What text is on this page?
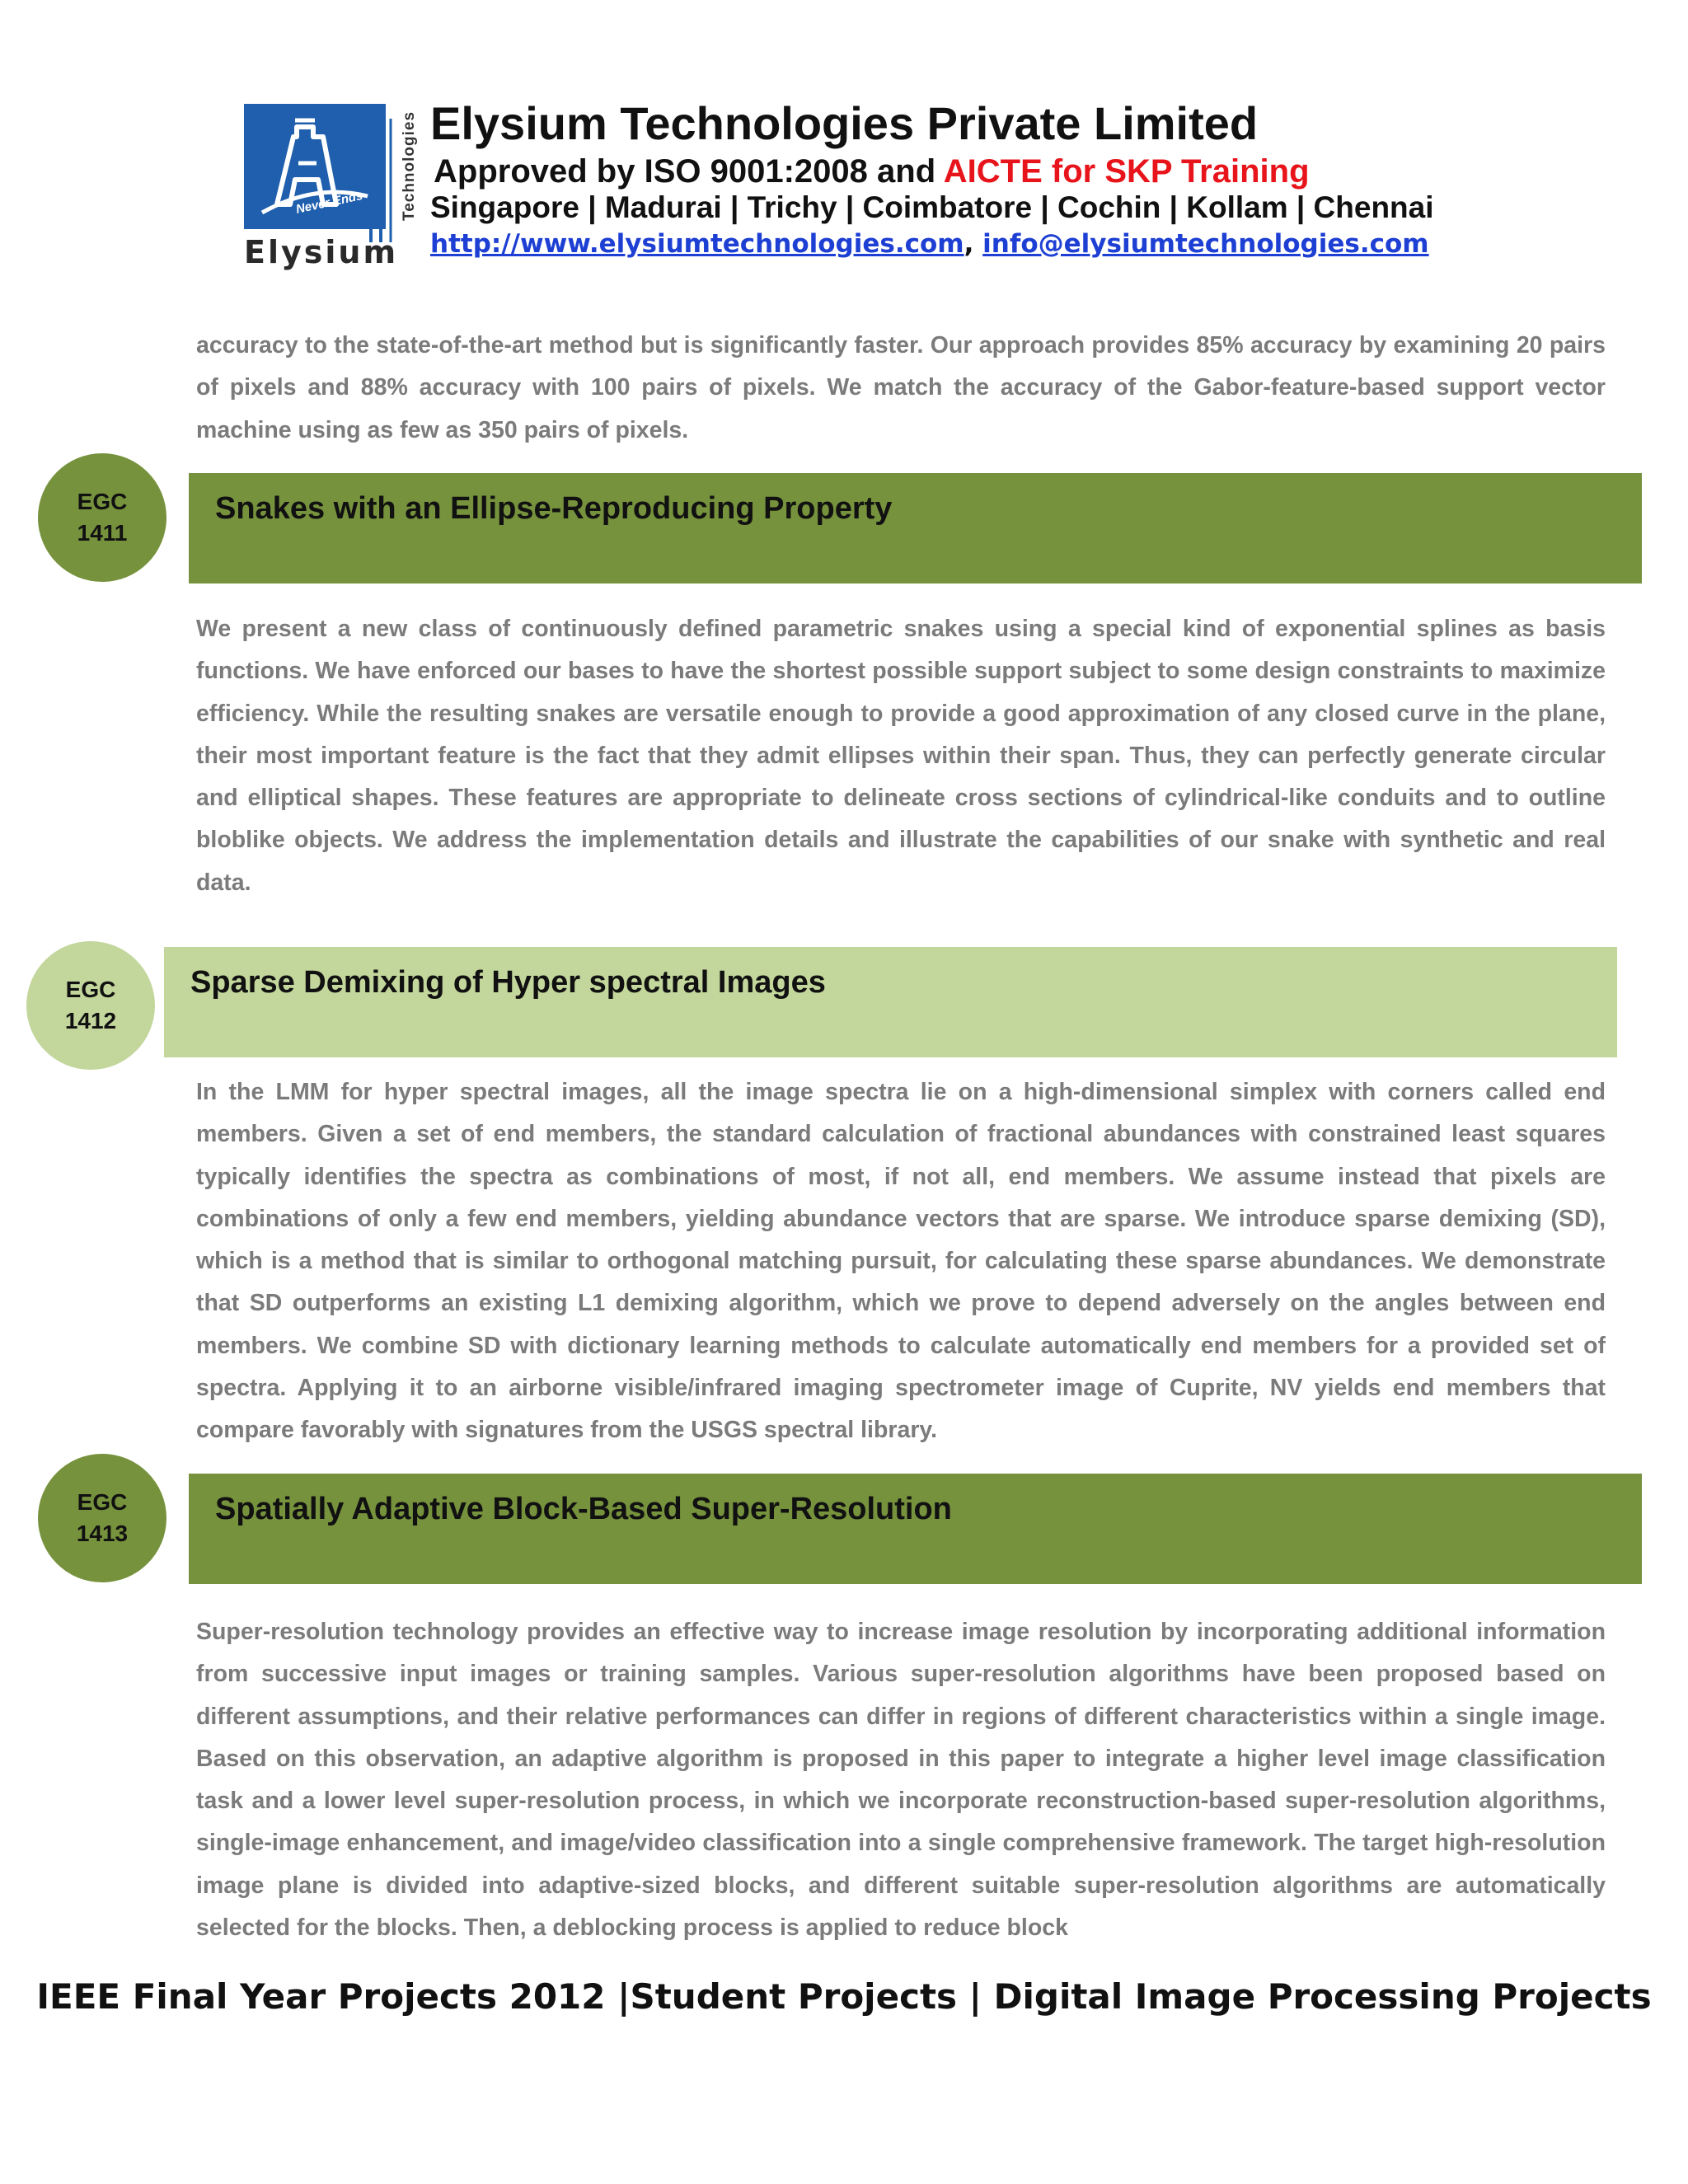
Never Ends Technologies
Elysium
Elysium Technologies Private Limited
Approved by ISO 9001:2008 and AICTE for SKP Training
Singapore | Madurai | Trichy | Coimbatore | Cochin | Kollam | Chennai
http://www.elysiumtechnologies.com, info@elysiumtechnologies.com

accuracy to the state-of-the-art method but is significantly faster. Our approach provides 85% accuracy by examining 20 pairs of pixels and 88% accuracy with 100 pairs of pixels. We match the accuracy of the Gabor-feature-based support vector machine using as few as 350 pairs of pixels.

EGC
1411
Snakes with an Ellipse-Reproducing Property

We present a new class of continuously defined parametric snakes using a special kind of exponential splines as basis functions. We have enforced our bases to have the shortest possible support subject to some design constraints to maximize efficiency. While the resulting snakes are versatile enough to provide a good approximation of any closed curve in the plane, their most important feature is the fact that they admit ellipses within their span. Thus, they can perfectly generate circular and elliptical shapes. These features are appropriate to delineate cross sections of cylindrical-like conduits and to outline bloblike objects. We address the implementation details and illustrate the capabilities of our snake with synthetic and real data.

EGC
1412
Sparse Demixing of Hyper spectral Images

In the LMM for hyper spectral images, all the image spectra lie on a high-dimensional simplex with corners called end members. Given a set of end members, the standard calculation of fractional abundances with constrained least squares typically identifies the spectra as combinations of most, if not all, end members. We assume instead that pixels are combinations of only a few end members, yielding abundance vectors that are sparse. We introduce sparse demixing (SD), which is a method that is similar to orthogonal matching pursuit, for calculating these sparse abundances. We demonstrate that SD outperforms an existing L1 demixing algorithm, which we prove to depend adversely on the angles between end members. We combine SD with dictionary learning methods to calculate automatically end members for a provided set of spectra. Applying it to an airborne visible/infrared imaging spectrometer image of Cuprite, NV yields end members that compare favorably with signatures from the USGS spectral library.

EGC
1413
Spatially Adaptive Block-Based Super-Resolution

Super-resolution technology provides an effective way to increase image resolution by incorporating additional information from successive input images or training samples. Various super-resolution algorithms have been proposed based on different assumptions, and their relative performances can differ in regions of different characteristics within a single image. Based on this observation, an adaptive algorithm is proposed in this paper to integrate a higher level image classification task and a lower level super-resolution process, in which we incorporate reconstruction-based super-resolution algorithms, single-image enhancement, and image/video classification into a single comprehensive framework. The target high-resolution image plane is divided into adaptive-sized blocks, and different suitable super-resolution algorithms are automatically selected for the blocks. Then, a deblocking process is applied to reduce block

IEEE Final Year Projects 2012 |Student Projects | Digital Image Processing Projects
